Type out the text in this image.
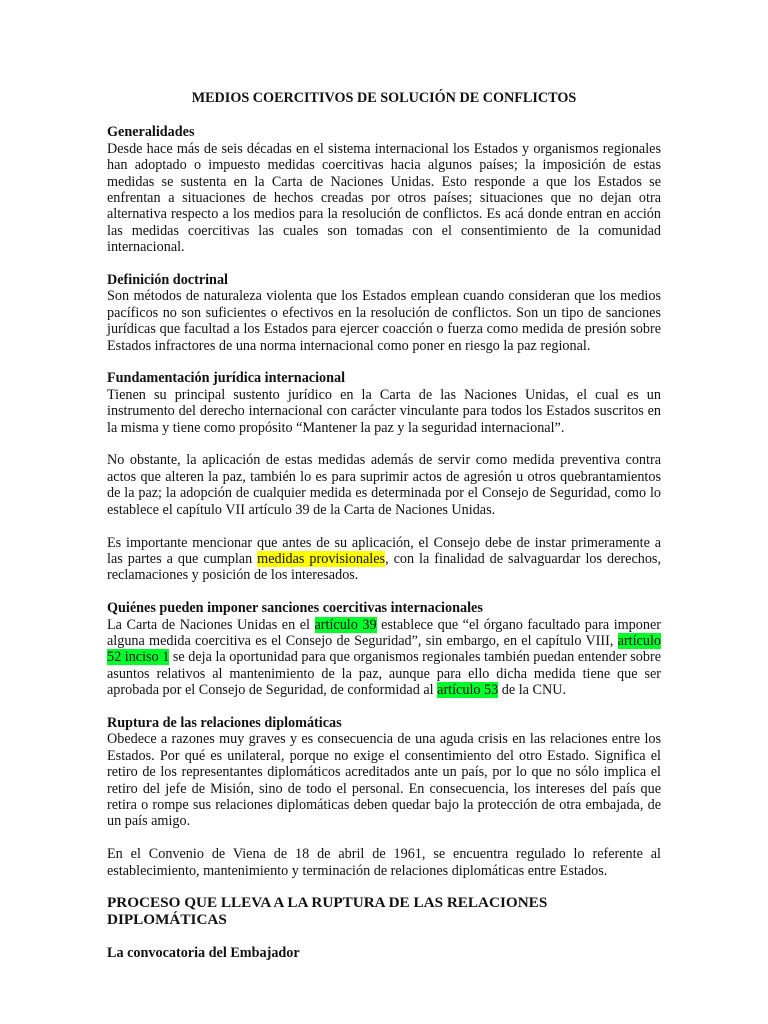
MEDIOS COERCITIVOS DE SOLUCIÓN DE CONFLICTOS
Generalidades

Desde hace más de seis décadas en el sistema internacional los Estados y organismos regionales han adoptado o impuesto medidas coercitivas hacia algunos países; la imposición de estas medidas se sustenta en la Carta de Naciones Unidas. Esto responde a que los Estados se enfrentan a situaciones de hechos creadas por otros países; situaciones que no dejan otra alternativa respecto a los medios para la resolución de conflictos. Es acá donde entran en acción las medidas coercitivas las cuales son tomadas con el consentimiento de la comunidad internacional.

Definición doctrinal

Son métodos de naturaleza violenta que los Estados emplean cuando consideran que los medios pacíficos no son suficientes o efectivos en la resolución de conflictos. Son un tipo de sanciones jurídicas que facultad a los Estados para ejercer coacción o fuerza como medida de presión sobre Estados infractores de una norma internacional como poner en riesgo la paz regional.

Fundamentación jurídica internacional

Tienen su principal sustento jurídico en la Carta de las Naciones Unidas, el cual es un instrumento del derecho internacional con carácter vinculante para todos los Estados suscritos en la misma y tiene como propósito “Mantener la paz y la seguridad internacional”.

No obstante, la aplicación de estas medidas además de servir como medida preventiva contra actos que alteren la paz, también lo es para suprimir actos de agresión u otros quebrantamientos de la paz; la adopción de cualquier medida es determinada por el Consejo de Seguridad, como lo establece el capítulo VII artículo 39 de la Carta de Naciones Unidas.

Es importante mencionar que antes de su aplicación, el Consejo debe de instar primeramente a las partes a que cumplan medidas provisionales, con la finalidad de salvaguardar los derechos, reclamaciones y posición de los interesados.

Quiénes pueden imponer sanciones coercitivas internacionales

La Carta de Naciones Unidas en el artículo 39 establece que “el órgano facultado para imponer alguna medida coercitiva es el Consejo de Seguridad”, sin embargo, en el capítulo VIII, artículo 52 inciso 1 se deja la oportunidad para que organismos regionales también puedan entender sobre asuntos relativos al mantenimiento de la paz, aunque para ello dicha medida tiene que ser aprobada por el Consejo de Seguridad, de conformidad al artículo 53 de la CNU.

Ruptura de las relaciones diplomáticas

Obedece a razones muy graves y es consecuencia de una aguda crisis en las relaciones entre los Estados. Por qué es unilateral, porque no exige el consentimiento del otro Estado. Significa el retiro de los representantes diplomáticos acreditados ante un país, por lo que no sólo implica el retiro del jefe de Misión, sino de todo el personal. En consecuencia, los intereses del país que retira o rompe sus relaciones diplomáticas deben quedar bajo la protección de otra embajada, de un país amigo.

En el Convenio de Viena de 18 de abril de 1961, se encuentra regulado lo referente al establecimiento, mantenimiento y terminación de relaciones diplomáticas entre Estados.

PROCESO QUE LLEVA A LA RUPTURA DE LAS RELACIONES DIPLOMÁTICAS
La convocatoria del Embajador
